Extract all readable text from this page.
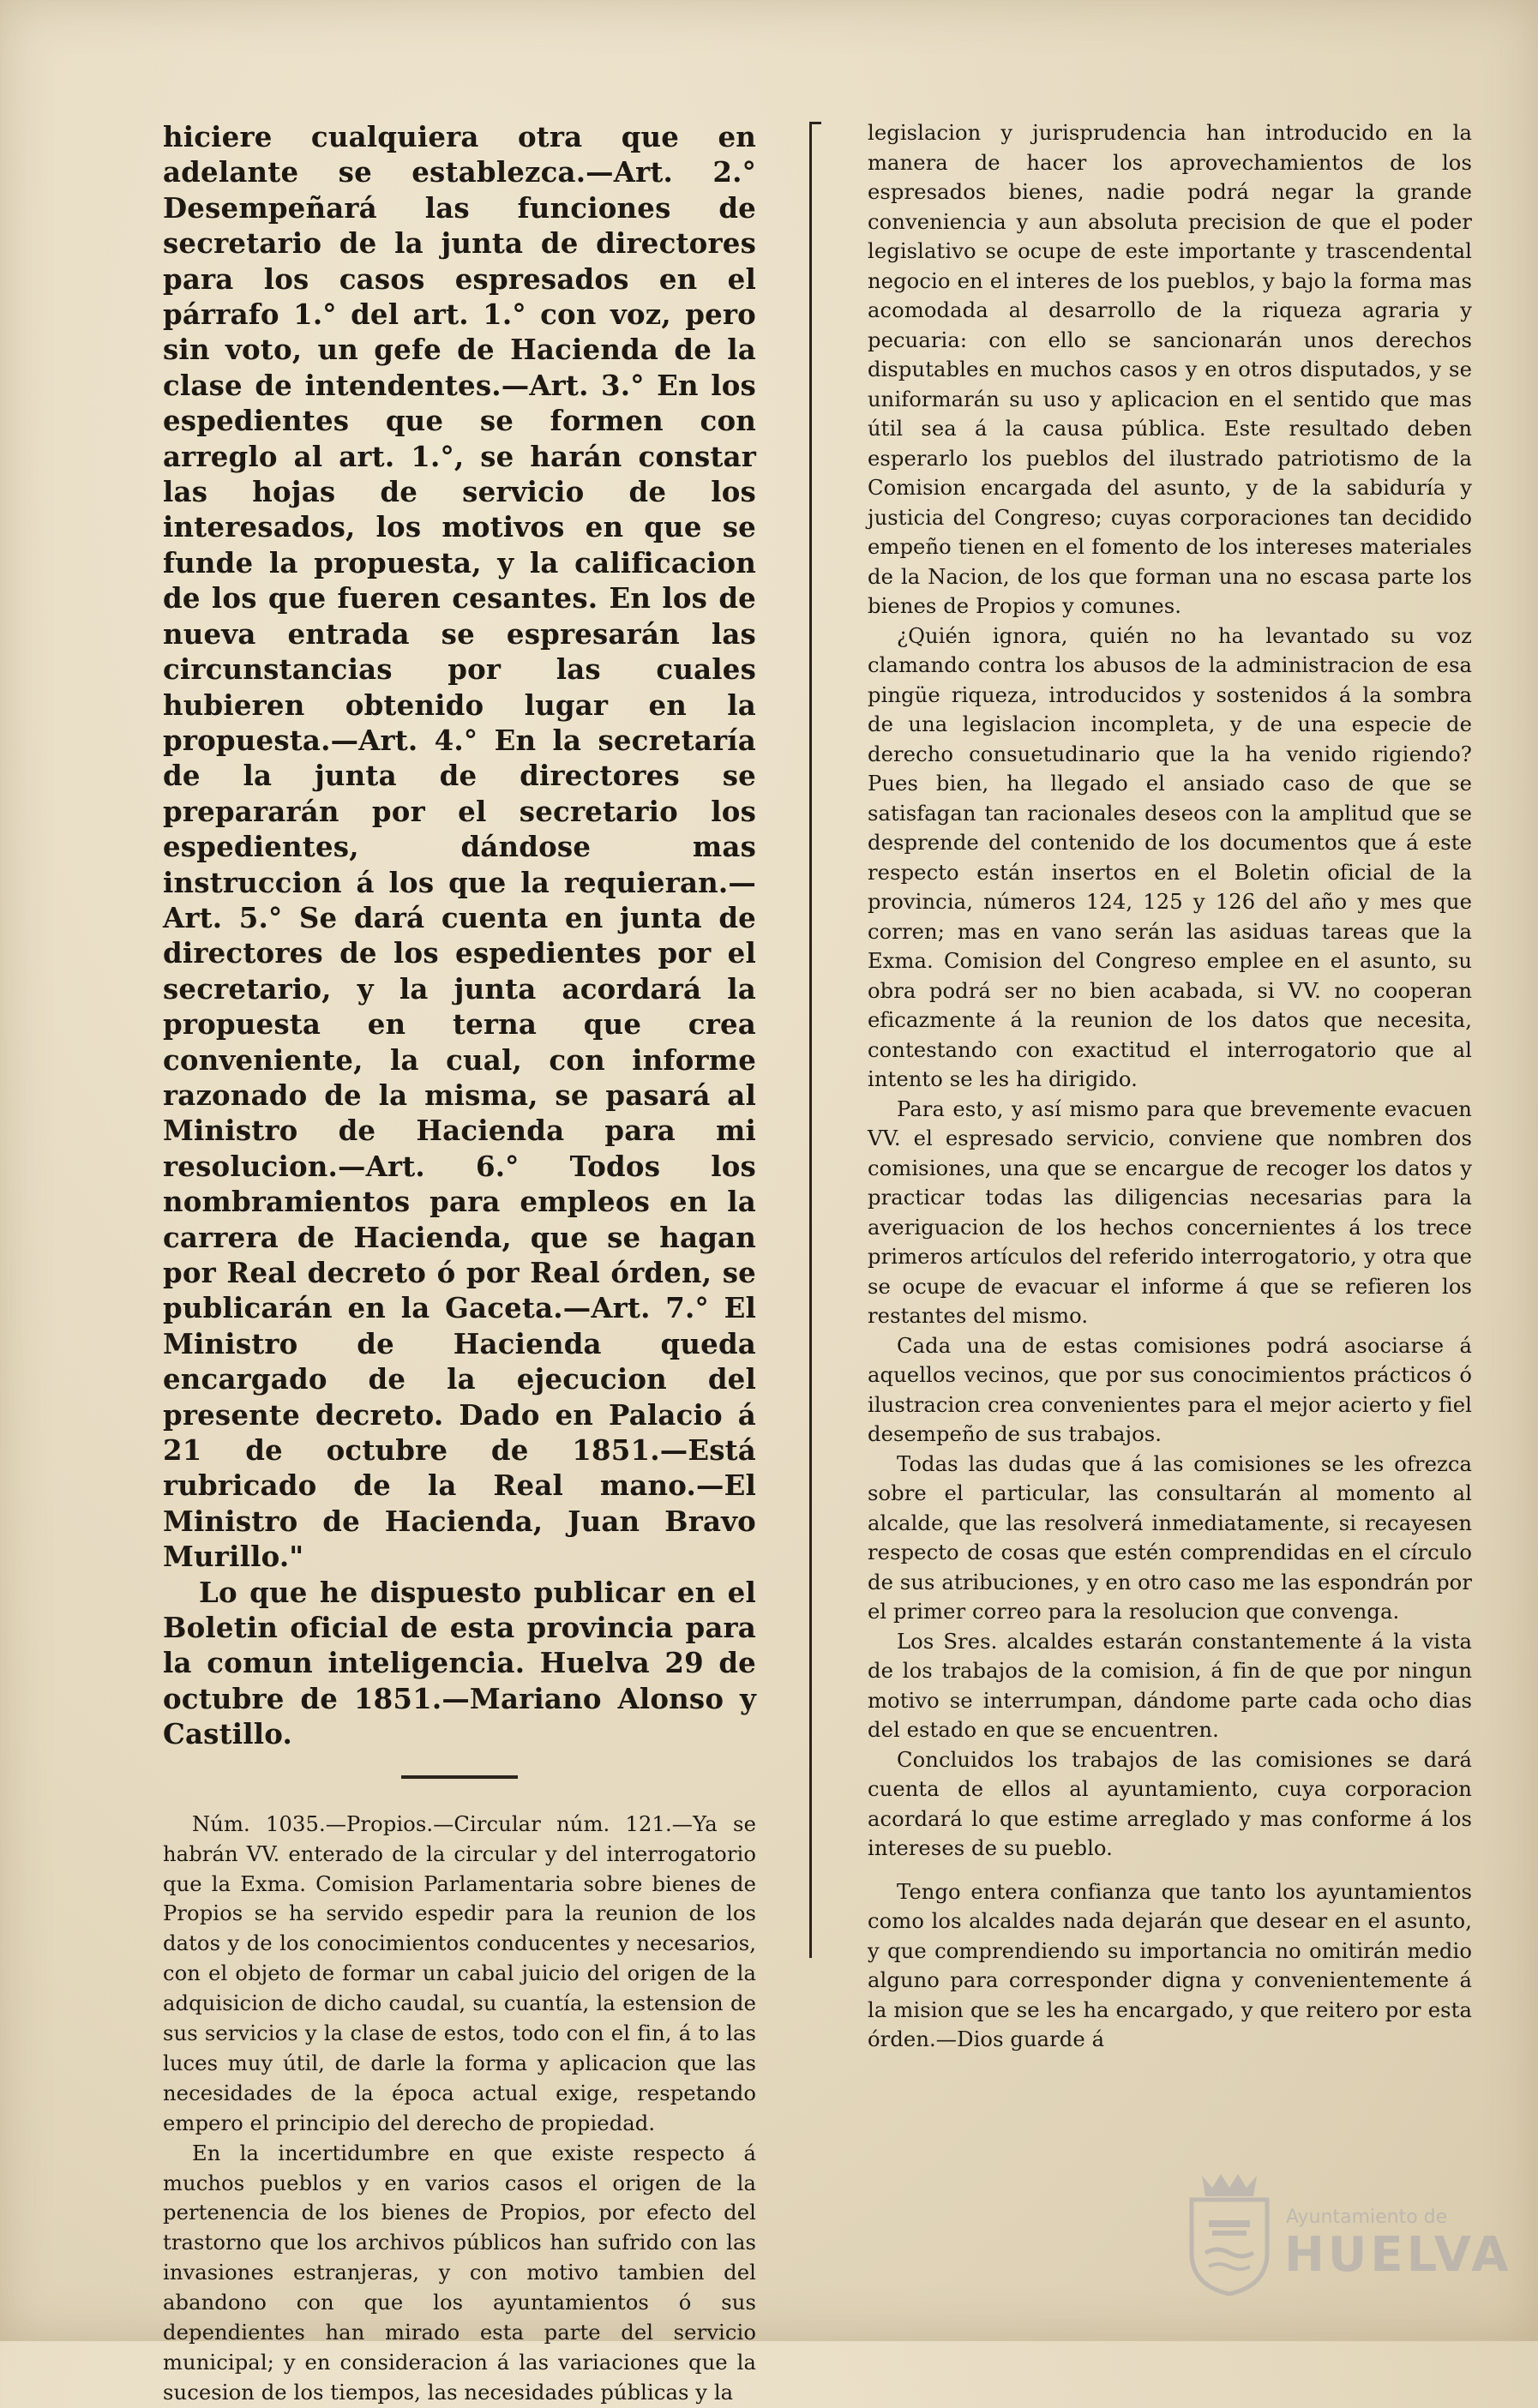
hiciere cualquiera otra que en adelante se establezca.—Art. 2.° Desempeñará las funciones de secretario de la junta de directores para los casos espresados en el párrafo 1.° del art. 1.° con voz, pero sin voto, un gefe de Hacienda de la clase de intendentes.—Art. 3.° En los espedientes que se formen con arreglo al art. 1.°, se harán constar las hojas de servicio de los interesados, los motivos en que se funde la propuesta, y la calificacion de los que fueren cesantes. En los de nueva entrada se espresarán las circunstancias por las cuales hubieren obtenido lugar en la propuesta.—Art. 4.° En la secretaría de la junta de directores se prepararán por el secretario los espedientes, dándose mas instruccion á los que la requieran.—Art. 5.° Se dará cuenta en junta de directores de los espedientes por el secretario, y la junta acordará la propuesta en terna que crea conveniente, la cual, con informe razonado de la misma, se pasará al Ministro de Hacienda para mi resolucion.—Art. 6.° Todos los nombramientos para empleos en la carrera de Hacienda, que se hagan por Real decreto ó por Real órden, se publicarán en la Gaceta.—Art. 7.° El Ministro de Hacienda queda encargado de la ejecucion del presente decreto. Dado en Palacio á 21 de octubre de 1851.—Está rubricado de la Real mano.—El Ministro de Hacienda, Juan Bravo Murillo."

Lo que he dispuesto publicar en el Boletin oficial de esta provincia para la comun inteligencia. Huelva 29 de octubre de 1851.—Mariano Alonso y Castillo.

Núm. 1035.—Propios.—Circular núm. 121.—Ya se habrán VV. enterado de la circular y del interrogatorio que la Exma. Comision Parlamentaria sobre bienes de Propios se ha servido espedir para la reunion de los datos y de los conocimientos conducentes y necesarios, con el objeto de formar un cabal juicio del origen de la adquisicion de dicho caudal, su cuantía, la estension de sus servicios y la clase de estos, todo con el fin, á to las luces muy útil, de darle la forma y aplicacion que las necesidades de la época actual exige, respetando empero el principio del derecho de propiedad.

En la incertidumbre en que existe respecto á muchos pueblos y en varios casos el origen de la pertenencia de los bienes de Propios, por efecto del trastorno que los archivos públicos han sufrido con las invasiones estranjeras, y con motivo tambien del abandono con que los ayuntamientos ó sus dependientes han mirado esta parte del servicio municipal; y en consideracion á las variaciones que la sucesion de los tiempos, las necesidades públicas y la

legislacion y jurisprudencia han introducido en la manera de hacer los aprovechamientos de los espresados bienes, nadie podrá negar la grande conveniencia y aun absoluta precision de que el poder legislativo se ocupe de este importante y trascendental negocio en el interes de los pueblos, y bajo la forma mas acomodada al desarrollo de la riqueza agraria y pecuaria: con ello se sancionarán unos derechos disputables en muchos casos y en otros disputados, y se uniformarán su uso y aplicacion en el sentido que mas útil sea á la causa pública. Este resultado deben esperarlo los pueblos del ilustrado patriotismo de la Comision encargada del asunto, y de la sabiduría y justicia del Congreso; cuyas corporaciones tan decidido empeño tienen en el fomento de los intereses materiales de la Nacion, de los que forman una no escasa parte los bienes de Propios y comunes.

¿Quién ignora, quién no ha levantado su voz clamando contra los abusos de la administracion de esa pingüe riqueza, introducidos y sostenidos á la sombra de una legislacion incompleta, y de una especie de derecho consuetudinario que la ha venido rigiendo? Pues bien, ha llegado el ansiado caso de que se satisfagan tan racionales deseos con la amplitud que se desprende del contenido de los documentos que á este respecto están insertos en el Boletin oficial de la provincia, números 124, 125 y 126 del año y mes que corren; mas en vano serán las asiduas tareas que la Exma. Comision del Congreso emplee en el asunto, su obra podrá ser no bien acabada, si VV. no cooperan eficazmente á la reunion de los datos que necesita, contestando con exactitud el interrogatorio que al intento se les ha dirigido.

Para esto, y así mismo para que brevemente evacuen VV. el espresado servicio, conviene que nombren dos comisiones, una que se encargue de recoger los datos y practicar todas las diligencias necesarias para la averiguacion de los hechos concernientes á los trece primeros artículos del referido interrogatorio, y otra que se ocupe de evacuar el informe á que se refieren los restantes del mismo.

Cada una de estas comisiones podrá asociarse á aquellos vecinos, que por sus conocimientos prácticos ó ilustracion crea convenientes para el mejor acierto y fiel desempeño de sus trabajos.

Todas las dudas que á las comisiones se les ofrezca sobre el particular, las consultarán al momento al alcalde, que las resolverá inmediatamente, si recayesen respecto de cosas que estén comprendidas en el círculo de sus atribuciones, y en otro caso me las espondrán por el primer correo para la resolucion que convenga.

Los Sres. alcaldes estarán constantemente á la vista de los trabajos de la comision, á fin de que por ningun motivo se interrumpan, dándome parte cada ocho dias del estado en que se encuentren.

Concluidos los trabajos de las comisiones se dará cuenta de ellos al ayuntamiento, cuya corporacion acordará lo que estime arreglado y mas conforme á los intereses de su pueblo.

Tengo entera confianza que tanto los ayuntamientos como los alcaldes nada dejarán que desear en el asunto, y que comprendiendo su importancia no omitirán medio alguno para corresponder digna y convenientemente á la mision que se les ha encargado, y que reitero por esta órden.—Dios guarde á

Ayuntamiento de
HUELVA
